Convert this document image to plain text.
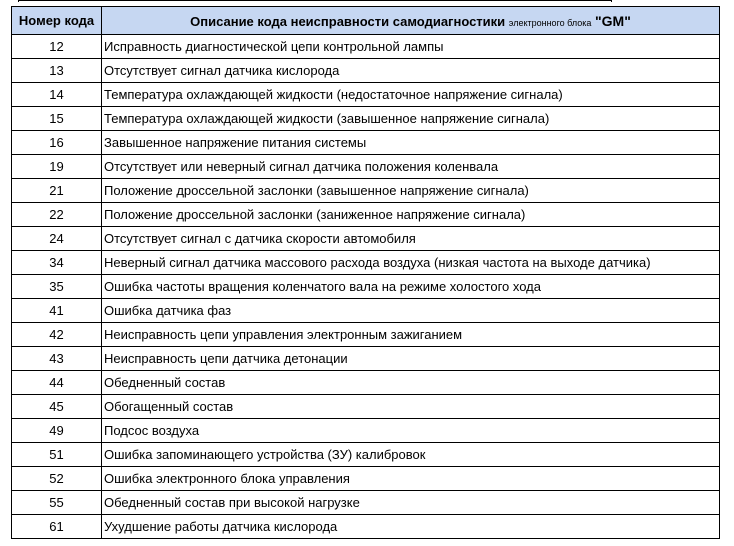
Номер кода	Описание кода неисправности самодиагностики электронного блока "GM"
12	Исправность диагностической цепи контрольной лампы
13	Отсутствует сигнал датчика кислорода
14	Температура охлаждающей жидкости (недостаточное напряжение сигнала)
15	Температура охлаждающей жидкости (завышенное напряжение сигнала)
16	Завышенное напряжение питания системы
19	Отсутствует или неверный сигнал датчика положения коленвала
21	Положение дроссельной заслонки (завышенное напряжение сигнала)
22	Положение дроссельной заслонки (заниженное напряжение сигнала)
24	Отсутствует сигнал с датчика скорости автомобиля
34	Неверный сигнал датчика массового расхода воздуха (низкая частота на выходе датчика)
35	Ошибка частоты вращения коленчатого вала на режиме холостого хода
41	Ошибка датчика фаз
42	Неисправность цепи управления электронным зажиганием
43	Неисправность цепи датчика детонации
44	Обедненный состав
45	Обогащенный состав
49	Подсос воздуха
51	Ошибка запоминающего устройства (ЗУ) калибровок
52	Ошибка электронного блока управления
55	Обедненный состав при высокой нагрузке
61	Ухудшение работы датчика кислорода
